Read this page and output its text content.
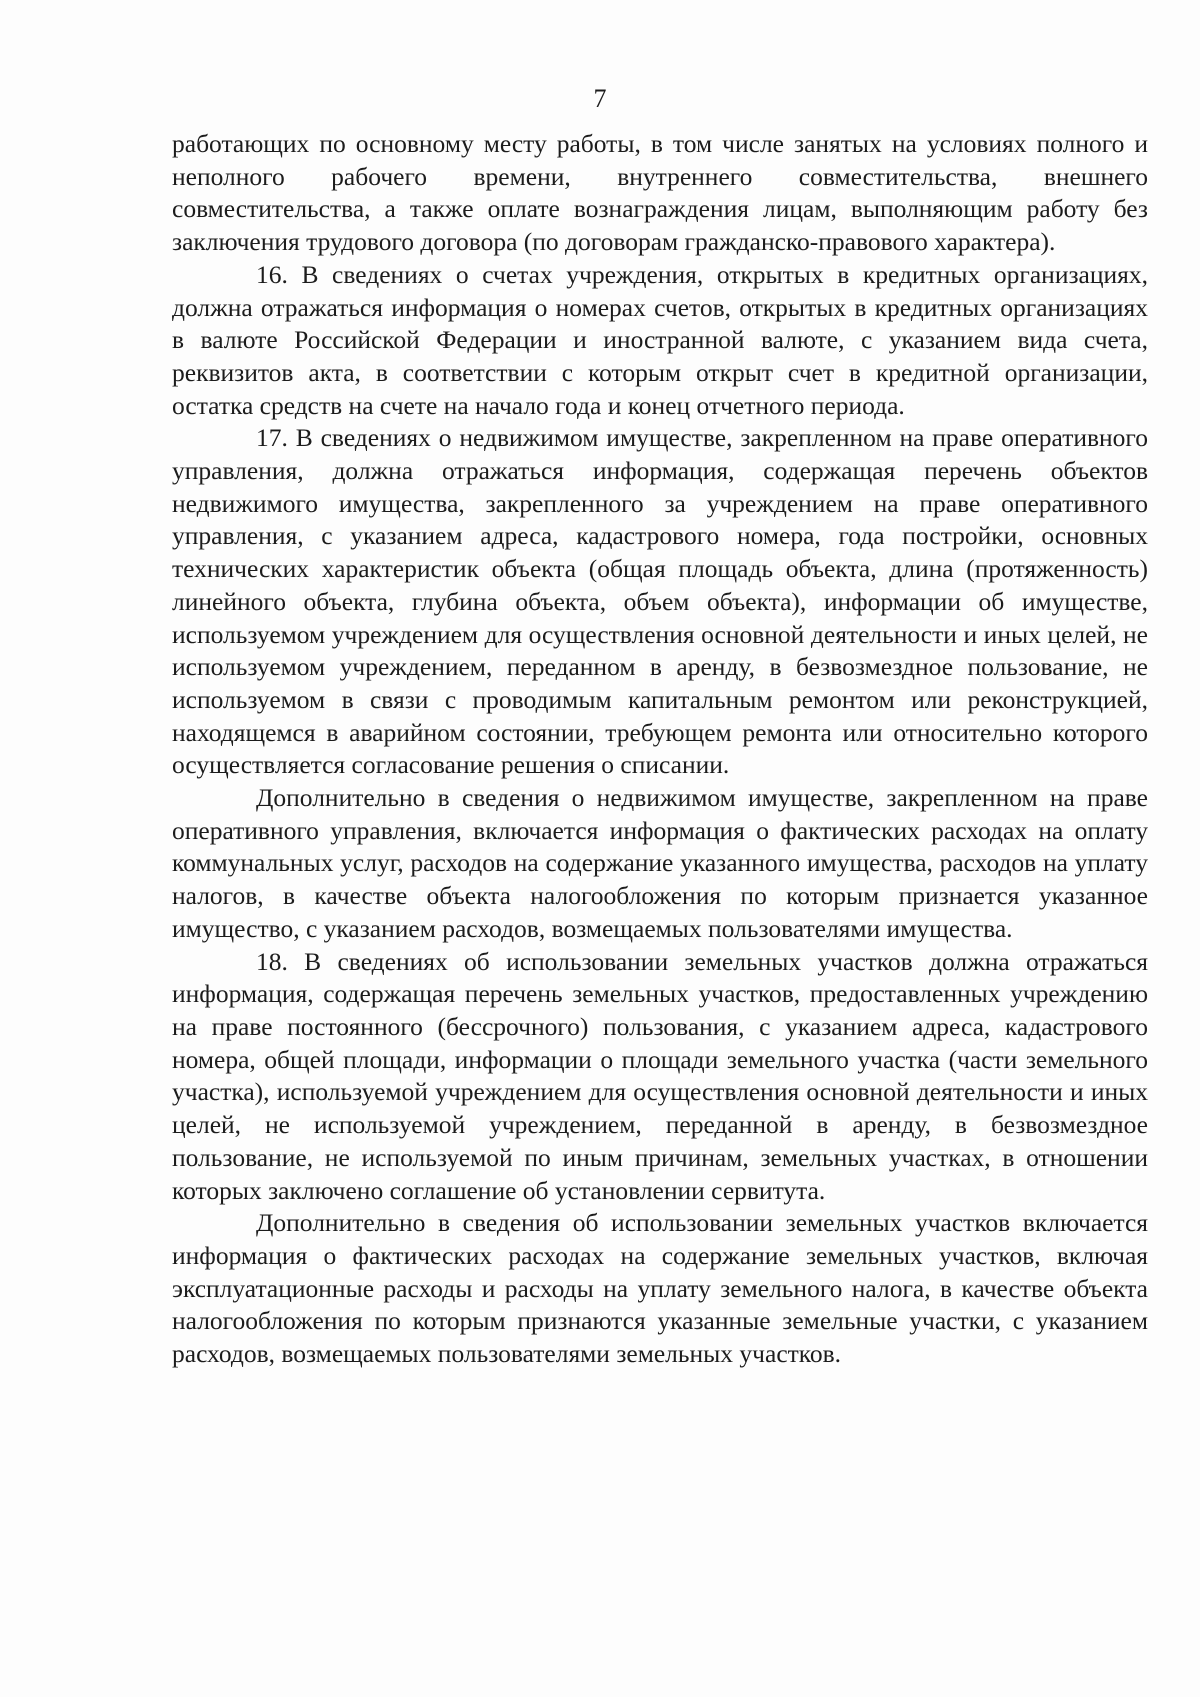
7

работающих по основному месту работы, в том числе занятых на условиях полного и неполного рабочего времени, внутреннего совместительства, внешнего совместительства, а также оплате вознаграждения лицам, выполняющим работу без заключения трудового договора (по договорам гражданско-правового характера).

16. В сведениях о счетах учреждения, открытых в кредитных организациях, должна отражаться информация о номерах счетов, открытых в кредитных организациях в валюте Российской Федерации и иностранной валюте, с указанием вида счета, реквизитов акта, в соответствии с которым открыт счет в кредитной организации, остатка средств на счете на начало года и конец отчетного периода.

17. В сведениях о недвижимом имуществе, закрепленном на праве оперативного управления, должна отражаться информация, содержащая перечень объектов недвижимого имущества, закрепленного за учреждением на праве оперативного управления, с указанием адреса, кадастрового номера, года постройки, основных технических характеристик объекта (общая площадь объекта, длина (протяженность) линейного объекта, глубина объекта, объем объекта), информации об имуществе, используемом учреждением для осуществления основной деятельности и иных целей, не используемом учреждением, переданном в аренду, в безвозмездное пользование, не используемом в связи с проводимым капитальным ремонтом или реконструкцией, находящемся в аварийном состоянии, требующем ремонта или относительно которого осуществляется согласование решения о списании.

Дополнительно в сведения о недвижимом имуществе, закрепленном на праве оперативного управления, включается информация о фактических расходах на оплату коммунальных услуг, расходов на содержание указанного имущества, расходов на уплату налогов, в качестве объекта налогообложения по которым признается указанное имущество, с указанием расходов, возмещаемых пользователями имущества.

18. В сведениях об использовании земельных участков должна отражаться информация, содержащая перечень земельных участков, предоставленных учреждению на праве постоянного (бессрочного) пользования, с указанием адреса, кадастрового номера, общей площади, информации о площади земельного участка (части земельного участка), используемой учреждением для осуществления основной деятельности и иных целей, не используемой учреждением, переданной в аренду, в безвозмездное пользование, не используемой по иным причинам, земельных участках, в отношении которых заключено соглашение об установлении сервитута.

Дополнительно в сведения об использовании земельных участков включается информация о фактических расходах на содержание земельных участков, включая эксплуатационные расходы и расходы на уплату земельного налога, в качестве объекта налогообложения по которым признаются указанные земельные участки, с указанием расходов, возмещаемых пользователями земельных участков.
